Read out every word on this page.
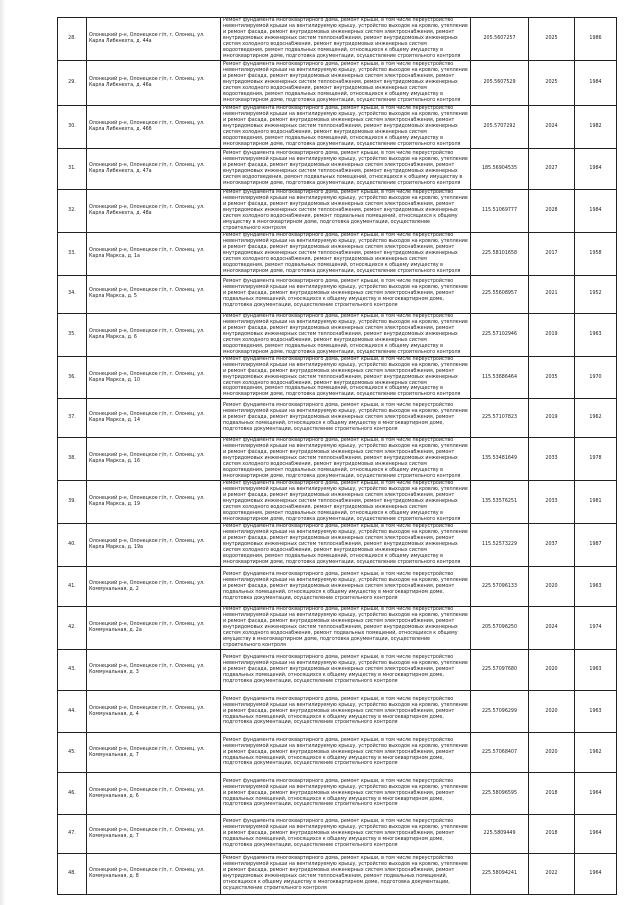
28.	Олонецкий р-н, Олонецкое г/п, г. Олонец, ул. Карла Либкнехта, д. 44а	Ремонт фундамента многоквартирного дома, ремонт крыши, в том числе переустройство невентилируемой крыши на вентилируемую крышу, устройство выходов на кровлю, утепление и ремонт фасада, ремонт внутридомовых инженерных систем электроснабжения, ремонт внутридомовых инженерных систем теплоснабжения, ремонт внутридомовых инженерных систем холодного водоснабжения, ремонт внутридомовых инженерных систем водоотведения, ремонт подвальных помещений, относящихся к общему имуществу в многоквартирном доме, подготовка документации, осуществление строительного контроля	205.5607257	2025	1986
29.	Олонецкий р-н, Олонецкое г/п, г. Олонец, ул. Карла Либкнехта, д. 46а	Ремонт фундамента многоквартирного дома, ремонт крыши, в том числе переустройство невентилируемой крыши на вентилируемую крышу, устройство выходов на кровлю, утепление и ремонт фасада, ремонт внутридомовых инженерных систем электроснабжения, ремонт внутридомовых инженерных систем теплоснабжения, ремонт внутридомовых инженерных систем холодного водоснабжения, ремонт внутридомовых инженерных систем водоотведения, ремонт подвальных помещений, относящихся к общему имуществу в многоквартирном доме, подготовка документации, осуществление строительного контроля	205.5607529	2025	1984
30.	Олонецкий р-н, Олонецкое г/п, г. Олонец, ул. Карла Либкнехта, д. 46б	Ремонт фундамента многоквартирного дома, ремонт крыши, в том числе переустройство невентилируемой крыши на вентилируемую крышу, устройство выходов на кровлю, утепление и ремонт фасада, ремонт внутридомовых инженерных систем электроснабжения, ремонт внутридомовых инженерных систем теплоснабжения, ремонт внутридомовых инженерных систем холодного водоснабжения, ремонт внутридомовых инженерных систем водоотведения, ремонт подвальных помещений, относящихся к общему имуществу в многоквартирном доме, подготовка документации, осуществление строительного контроля	205.5707292	2024	1982
31.	Олонецкий р-н, Олонецкое г/п, г. Олонец, ул. Карла Либкнехта, д. 47а	Ремонт фундамента многоквартирного дома, ремонт крыши, в том числе переустройство невентилируемой крыши на вентилируемую крышу, устройство выходов на кровлю, утепление и ремонт фасада, ремонт внутридомовых инженерных систем электроснабжения, ремонт внутридомовых инженерных систем теплоснабжения, ремонт внутридомовых инженерных систем водоотведения, ремонт подвальных помещений, относящихся к общему имуществу в многоквартирном доме, подготовка документации, осуществление строительного контроля	185.56904535	2027	1984
32.	Олонецкий р-н, Олонецкое г/п, г. Олонец, ул. Карла Либкнехта, д. 48а	Ремонт фундамента многоквартирного дома, ремонт крыши, в том числе переустройство невентилируемой крыши на вентилируемую крышу, устройство выходов на кровлю, утепление и ремонт фасада, ремонт внутридомовых инженерных систем электроснабжения, ремонт внутридомовых инженерных систем теплоснабжения, ремонт внутридомовых инженерных систем холодного водоснабжения, ремонт подвальных помещений, относящихся к общему имуществу в многоквартирном доме, подготовка документации, осуществление строительного контроля	115.51069777	2028	1984
33.	Олонецкий р-н, Олонецкое г/п, г. Олонец, ул. Карла Маркса, д. 1а	Ремонт фундамента многоквартирного дома, ремонт крыши, в том числе переустройство невентилируемой крыши на вентилируемую крышу, устройство выходов на кровлю, утепление и ремонт фасада, ремонт внутридомовых инженерных систем электроснабжения, ремонт внутридомовых инженерных систем теплоснабжения, ремонт внутридомовых инженерных систем холодного водоснабжения, ремонт внутридомовых инженерных систем водоотведения, ремонт подвальных помещений, относящихся к общему имуществу в многоквартирном доме, подготовка документации, осуществление строительного контроля	225.58101658	2017	1958
34.	Олонецкий р-н, Олонецкое г/п, г. Олонец, ул. Карла Маркса, д. 5	Ремонт фундамента многоквартирного дома, ремонт крыши, в том числе переустройство невентилируемой крыши на вентилируемую крышу, устройство выходов на кровлю, утепление и ремонт фасада, ремонт внутридомовых инженерных систем электроснабжения, ремонт подвальных помещений, относящихся к общему имуществу в многоквартирном доме, подготовка документации, осуществление строительного контроля	225.55608957	2021	1952
35.	Олонецкий р-н, Олонецкое г/п, г. Олонец, ул. Карла Маркса, д. 6	Ремонт фундамента многоквартирного дома, ремонт крыши, в том числе переустройство невентилируемой крыши на вентилируемую крышу, устройство выходов на кровлю, утепление и ремонт фасада, ремонт внутридомовых инженерных систем электроснабжения, ремонт внутридомовых инженерных систем теплоснабжения, ремонт внутридомовых инженерных систем холодного водоснабжения, ремонт внутридомовых инженерных систем водоотведения, ремонт подвальных помещений, относящихся к общему имуществу в многоквартирном доме, подготовка документации, осуществление строительного контроля	225.57102946	2019	1963
36.	Олонецкий р-н, Олонецкое г/п, г. Олонец, ул. Карла Маркса, д. 10	Ремонт фундамента многоквартирного дома, ремонт крыши, в том числе переустройство невентилируемой крыши на вентилируемую крышу, устройство выходов на кровлю, утепление и ремонт фасада, ремонт внутридомовых инженерных систем электроснабжения, ремонт внутридомовых инженерных систем теплоснабжения, ремонт внутридомовых инженерных систем холодного водоснабжения, ремонт внутридомовых инженерных систем водоотведения, ремонт подвальных помещений, относящихся к общему имуществу в многоквартирном доме, подготовка документации, осуществление строительного контроля	115.53686464	2035	1970
37.	Олонецкий р-н, Олонецкое г/п, г. Олонец, ул. Карла Маркса, д. 14	Ремонт фундамента многоквартирного дома, ремонт крыши, в том числе переустройство невентилируемой крыши на вентилируемую крышу, устройство выходов на кровлю, утепление и ремонт фасада, ремонт внутридомовых инженерных систем электроснабжения, ремонт подвальных помещений, относящихся к общему имуществу в многоквартирном доме, подготовка документации, осуществление строительного контроля	225.57107823	2019	1962
38.	Олонецкий р-н, Олонецкое г/п, г. Олонец, ул. Карла Маркса, д. 16	Ремонт фундамента многоквартирного дома, ремонт крыши, в том числе переустройство невентилируемой крыши на вентилируемую крышу, устройство выходов на кровлю, утепление и ремонт фасада, ремонт внутридомовых инженерных систем электроснабжения, ремонт внутридомовых инженерных систем теплоснабжения, ремонт внутридомовых инженерных систем холодного водоснабжения, ремонт внутридомовых инженерных систем водоотведения, ремонт подвальных помещений, относящихся к общему имуществу в многоквартирном доме, подготовка документации, осуществление строительного контроля	135.53481649	2033	1978
39.	Олонецкий р-н, Олонецкое г/п, г. Олонец, ул. Карла Маркса, д. 19	Ремонт фундамента многоквартирного дома, ремонт крыши, в том числе переустройство невентилируемой крыши на вентилируемую крышу, устройство выходов на кровлю, утепление и ремонт фасада, ремонт внутридомовых инженерных систем электроснабжения, ремонт внутридомовых инженерных систем теплоснабжения, ремонт внутридомовых инженерных систем холодного водоснабжения, ремонт внутридомовых инженерных систем водоотведения, ремонт подвальных помещений, относящихся к общему имуществу в многоквартирном доме, подготовка документации, осуществление строительного контроля	135.53576251	2033	1981
40.	Олонецкий р-н, Олонецкое г/п, г. Олонец, ул. Карла Маркса, д. 19а	Ремонт фундамента многоквартирного дома, ремонт крыши, в том числе переустройство невентилируемой крыши на вентилируемую крышу, устройство выходов на кровлю, утепление и ремонт фасада, ремонт внутридомовых инженерных систем электроснабжения, ремонт внутридомовых инженерных систем теплоснабжения, ремонт внутридомовых инженерных систем холодного водоснабжения, ремонт внутридомовых инженерных систем водоотведения, ремонт подвальных помещений, относящихся к общему имуществу в многоквартирном доме, подготовка документации, осуществление строительного контроля	115.52573229	2037	1987
41.	Олонецкий р-н, Олонецкое г/п, г. Олонец, ул. Коммунальная, д. 2	Ремонт фундамента многоквартирного дома, ремонт крыши, в том числе переустройство невентилируемой крыши на вентилируемую крышу, устройство выходов на кровлю, утепление и ремонт фасада, ремонт внутридомовых инженерных систем электроснабжения, ремонт подвальных помещений, относящихся к общему имуществу в многоквартирном доме, подготовка документации, осуществление строительного контроля	225.57096133	2020	1963
42.	Олонецкий р-н, Олонецкое г/п, г. Олонец, ул. Коммунальная, д. 2а	Ремонт фундамента многоквартирного дома, ремонт крыши, в том числе переустройство невентилируемой крыши на вентилируемую крышу, устройство выходов на кровлю, утепление и ремонт фасада, ремонт внутридомовых инженерных систем электроснабжения, ремонт внутридомовых инженерных систем теплоснабжения, ремонт внутридомовых инженерных систем холодного водоснабжения, ремонт подвальных помещений, относящихся к общему имуществу в многоквартирном доме, подготовка документации, осуществление строительного контроля	205.57096250	2024	1974
43.	Олонецкий р-н, Олонецкое г/п, г. Олонец, ул. Коммунальная, д. 3	Ремонт фундамента многоквартирного дома, ремонт крыши, в том числе переустройство невентилируемой крыши на вентилируемую крышу, устройство выходов на кровлю, утепление и ремонт фасада, ремонт внутридомовых инженерных систем электроснабжения, ремонт подвальных помещений, относящихся к общему имуществу в многоквартирном доме, подготовка документации, осуществление строительного контроля	225.57097680	2020	1963
44.	Олонецкий р-н, Олонецкое г/п, г. Олонец, ул. Коммунальная, д. 4	Ремонт фундамента многоквартирного дома, ремонт крыши, в том числе переустройство невентилируемой крыши на вентилируемую крышу, устройство выходов на кровлю, утепление и ремонт фасада, ремонт внутридомовых инженерных систем электроснабжения, ремонт подвальных помещений, относящихся к общему имуществу в многоквартирном доме, подготовка документации, осуществление строительного контроля	225.57096299	2020	1963
45.	Олонецкий р-н, Олонецкое г/п, г. Олонец, ул. Коммунальная, д. 7	Ремонт фундамента многоквартирного дома, ремонт крыши, в том числе переустройство невентилируемой крыши на вентилируемую крышу, устройство выходов на кровлю, утепление и ремонт фасада, ремонт внутридомовых инженерных систем электроснабжения, ремонт подвальных помещений, относящихся к общему имуществу в многоквартирном доме, подготовка документации, осуществление строительного контроля	225.57068407	2020	1962
46.	Олонецкий р-н, Олонецкое г/п, г. Олонец, ул. Коммунальная, д. 6	Ремонт фундамента многоквартирного дома, ремонт крыши, в том числе переустройство невентилируемой крыши на вентилируемую крышу, устройство выходов на кровлю, утепление и ремонт фасада, ремонт внутридомовых инженерных систем электроснабжения, ремонт подвальных помещений, относящихся к общему имуществу в многоквартирном доме, подготовка документации, осуществление строительного контроля	225.58096595	2018	1964
47.	Олонецкий р-н, Олонецкое г/п, г. Олонец, ул. Коммунальная, д. 7	Ремонт фундамента многоквартирного дома, ремонт крыши, в том числе переустройство невентилируемой крыши на вентилируемую крышу, устройство выходов на кровлю, утепление и ремонт фасада, ремонт внутридомовых инженерных систем электроснабжения, ремонт подвальных помещений, относящихся к общему имуществу в многоквартирном доме, подготовка документации, осуществление строительного контроля	225.5809449	2018	1964
48.	Олонецкий р-н, Олонецкое г/п, г. Олонец, ул. Коммунальная, д. 8	Ремонт фундамента многоквартирного дома, ремонт крыши, в том числе переустройство невентилируемой крыши на вентилируемую крышу, устройство выходов на кровлю, утепление и ремонт фасада, ремонт внутридомовых инженерных систем электроснабжения, ремонт внутридомовых инженерных систем теплоснабжения, ремонт подвальных помещений, относящихся к общему имуществу в многоквартирном доме, подготовка документации, осуществление строительного контроля	225.58094241	2022	1964
